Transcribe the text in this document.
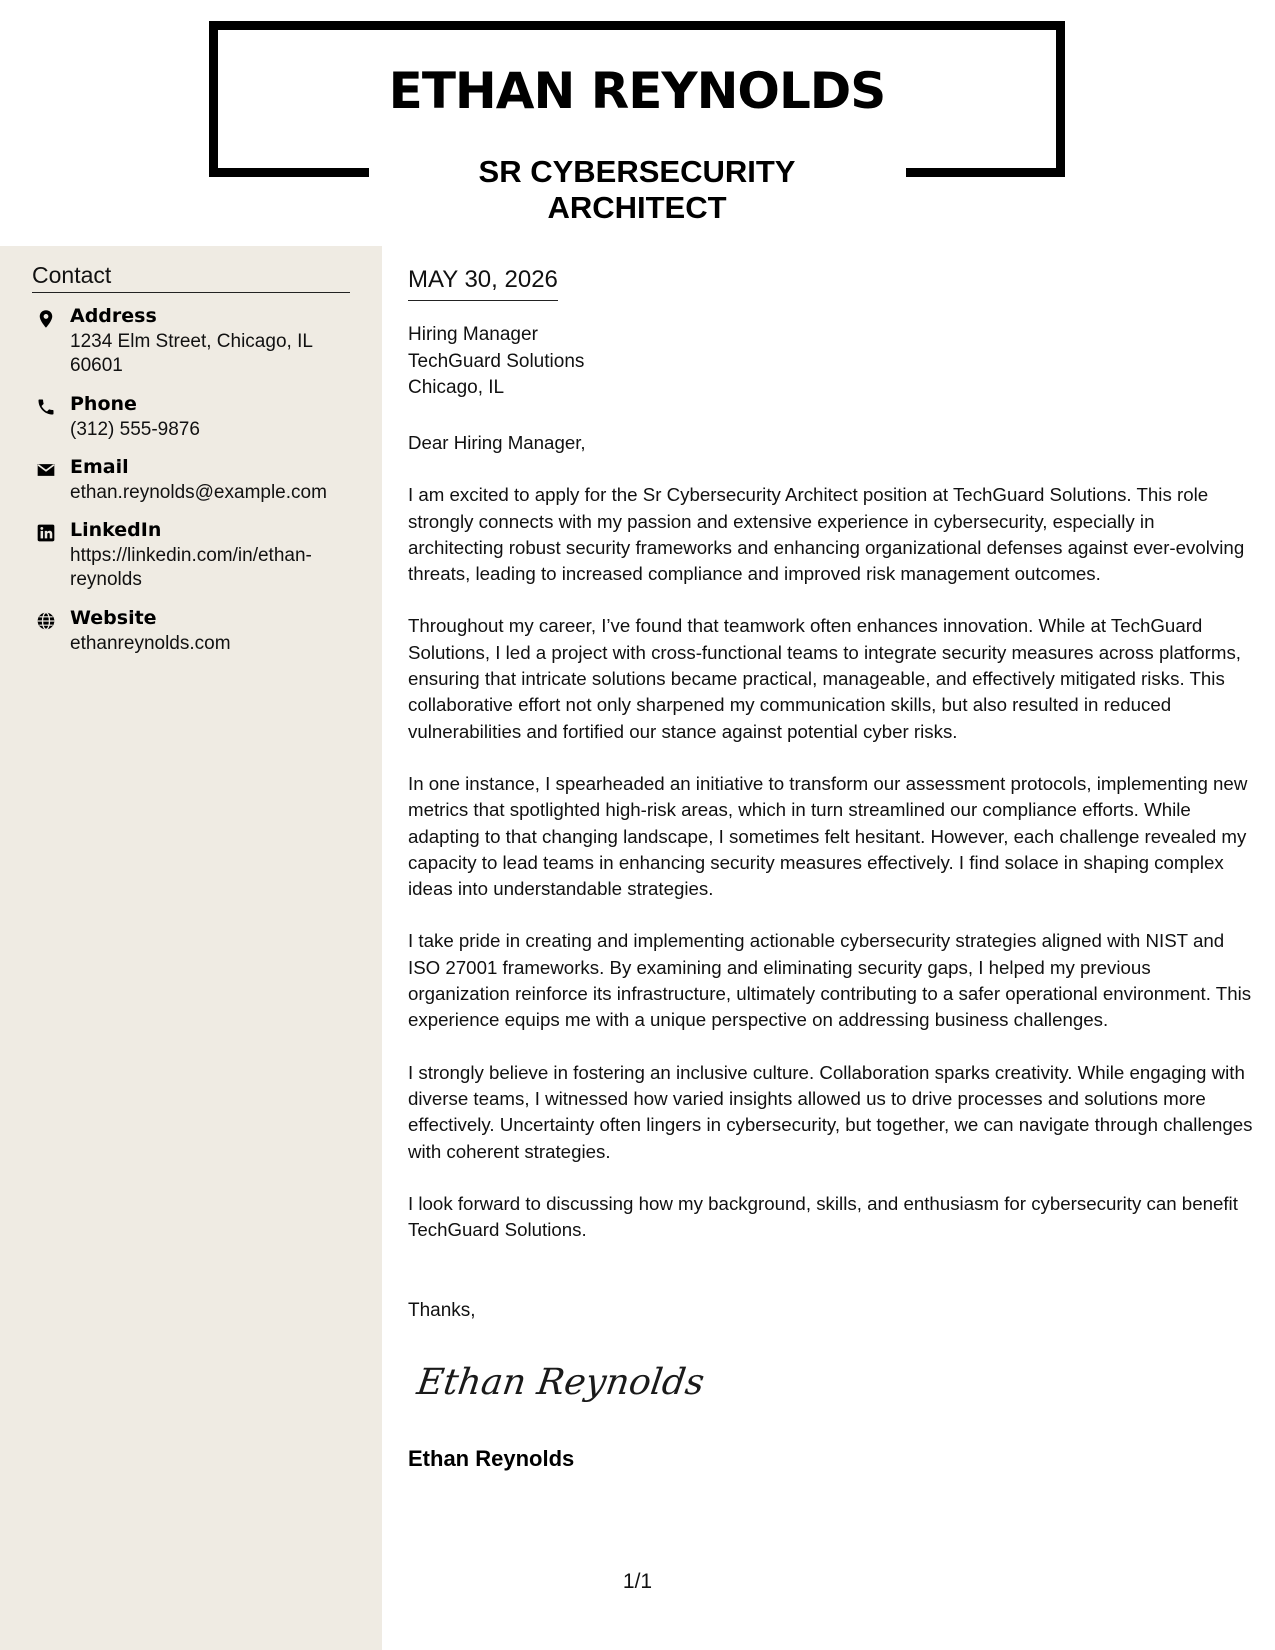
ETHAN REYNOLDS
SR CYBERSECURITY ARCHITECT
Contact
Address
1234 Elm Street, Chicago, IL 60601
Phone
(312) 555-9876
Email
ethan.reynolds@example.com
LinkedIn
https://linkedin.com/in/ethan-reynolds
Website
ethanreynolds.com
MAY 30, 2026
Hiring Manager
TechGuard Solutions
Chicago, IL

Dear Hiring Manager,

I am excited to apply for the Sr Cybersecurity Architect position at TechGuard Solutions. This role strongly connects with my passion and extensive experience in cybersecurity, especially in architecting robust security frameworks and enhancing organizational defenses against ever-evolving threats, leading to increased compliance and improved risk management outcomes.

Throughout my career, I’ve found that teamwork often enhances innovation. While at TechGuard Solutions, I led a project with cross-functional teams to integrate security measures across platforms, ensuring that intricate solutions became practical, manageable, and effectively mitigated risks. This collaborative effort not only sharpened my communication skills, but also resulted in reduced vulnerabilities and fortified our stance against potential cyber risks.

In one instance, I spearheaded an initiative to transform our assessment protocols, implementing new metrics that spotlighted high-risk areas, which in turn streamlined our compliance efforts. While adapting to that changing landscape, I sometimes felt hesitant. However, each challenge revealed my capacity to lead teams in enhancing security measures effectively. I find solace in shaping complex ideas into understandable strategies.

I take pride in creating and implementing actionable cybersecurity strategies aligned with NIST and ISO 27001 frameworks. By examining and eliminating security gaps, I helped my previous organization reinforce its infrastructure, ultimately contributing to a safer operational environment. This experience equips me with a unique perspective on addressing business challenges.

I strongly believe in fostering an inclusive culture. Collaboration sparks creativity. While engaging with diverse teams, I witnessed how varied insights allowed us to drive processes and solutions more effectively. Uncertainty often lingers in cybersecurity, but together, we can navigate through challenges with coherent strategies.

I look forward to discussing how my background, skills, and enthusiasm for cybersecurity can benefit TechGuard Solutions.

Thanks,
Ethan Reynolds
Ethan Reynolds
1/1
